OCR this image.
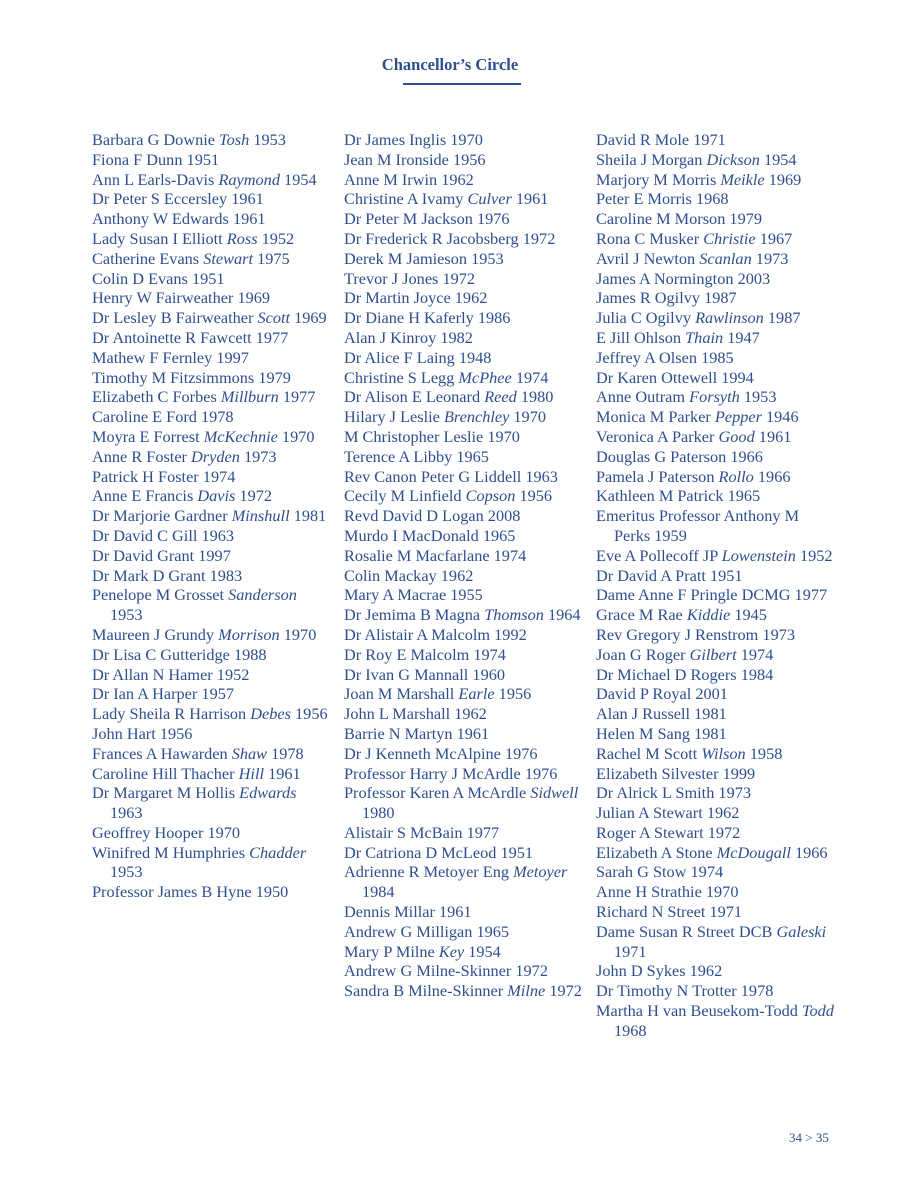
Chancellor’s Circle
Barbara G Downie Tosh 1953
Fiona F Dunn 1951
Ann L Earls-Davis Raymond 1954
Dr Peter S Eccersley 1961
Anthony W Edwards 1961
Lady Susan I Elliott Ross 1952
Catherine Evans Stewart 1975
Colin D Evans 1951
Henry W Fairweather 1969
Dr Lesley B Fairweather Scott 1969
Dr Antoinette R Fawcett 1977
Mathew F Fernley 1997
Timothy M Fitzsimmons 1979
Elizabeth C Forbes Millburn 1977
Caroline E Ford 1978
Moyra E Forrest McKechnie 1970
Anne R Foster Dryden 1973
Patrick H Foster 1974
Anne E Francis Davis 1972
Dr Marjorie Gardner Minshull 1981
Dr David C Gill 1963
Dr David Grant 1997
Dr Mark D Grant 1983
Penelope M Grosset Sanderson 1953
Maureen J Grundy Morrison 1970
Dr Lisa C Gutteridge 1988
Dr Allan N Hamer 1952
Dr Ian A Harper 1957
Lady Sheila R Harrison Debes 1956
John Hart 1956
Frances A Hawarden Shaw 1978
Caroline Hill Thacher Hill 1961
Dr Margaret M Hollis Edwards 1963
Geoffrey Hooper 1970
Winifred M Humphries Chadder 1953
Professor James B Hyne 1950
Dr James Inglis 1970
Jean M Ironside 1956
Anne M Irwin 1962
Christine A Ivamy Culver 1961
Dr Peter M Jackson 1976
Dr Frederick R Jacobsberg 1972
Derek M Jamieson 1953
Trevor J Jones 1972
Dr Martin Joyce 1962
Dr Diane H Kaferly 1986
Alan J Kinroy 1982
Dr Alice F Laing 1948
Christine S Legg McPhee 1974
Dr Alison E Leonard Reed 1980
Hilary J Leslie Brenchley 1970
M Christopher Leslie 1970
Terence A Libby 1965
Rev Canon Peter G Liddell 1963
Cecily M Linfield Copson 1956
Revd David D Logan 2008
Murdo I MacDonald 1965
Rosalie M Macfarlane 1974
Colin Mackay 1962
Mary A Macrae 1955
Dr Jemima B Magna Thomson 1964
Dr Alistair A Malcolm 1992
Dr Roy E Malcolm 1974
Dr Ivan G Mannall 1960
Joan M Marshall Earle 1956
John L Marshall 1962
Barrie N Martyn 1961
Dr J Kenneth McAlpine 1976
Professor Harry J McArdle 1976
Professor Karen A McArdle Sidwell 1980
Alistair S McBain 1977
Dr Catriona D McLeod 1951
Adrienne R Metoyer Eng Metoyer 1984
Dennis Millar 1961
Andrew G Milligan 1965
Mary P Milne Key 1954
Andrew G Milne-Skinner 1972
Sandra B Milne-Skinner Milne 1972
David R Mole 1971
Sheila J Morgan Dickson 1954
Marjory M Morris Meikle 1969
Peter E Morris 1968
Caroline M Morson 1979
Rona C Musker Christie 1967
Avril J Newton Scanlan 1973
James A Normington 2003
James R Ogilvy 1987
Julia C Ogilvy Rawlinson 1987
E Jill Ohlson Thain 1947
Jeffrey A Olsen 1985
Dr Karen Ottewell 1994
Anne Outram Forsyth 1953
Monica M Parker Pepper 1946
Veronica A Parker Good 1961
Douglas G Paterson 1966
Pamela J Paterson Rollo 1966
Kathleen M Patrick 1965
Emeritus Professor Anthony M Perks 1959
Eve A Pollecoff JP Lowenstein 1952
Dr David A Pratt 1951
Dame Anne F Pringle DCMG 1977
Grace M Rae Kiddie 1945
Rev Gregory J Renstrom 1973
Joan G Roger Gilbert 1974
Dr Michael D Rogers 1984
David P Royal 2001
Alan J Russell 1981
Helen M Sang 1981
Rachel M Scott Wilson 1958
Elizabeth Silvester 1999
Dr Alrick L Smith 1973
Julian A Stewart 1962
Roger A Stewart 1972
Elizabeth A Stone McDougall 1966
Sarah G Stow 1974
Anne H Strathie 1970
Richard N Street 1971
Dame Susan R Street DCB Galeski 1971
John D Sykes 1962
Dr Timothy N Trotter 1978
Martha H van Beusekom-Todd Todd 1968
34 > 35
